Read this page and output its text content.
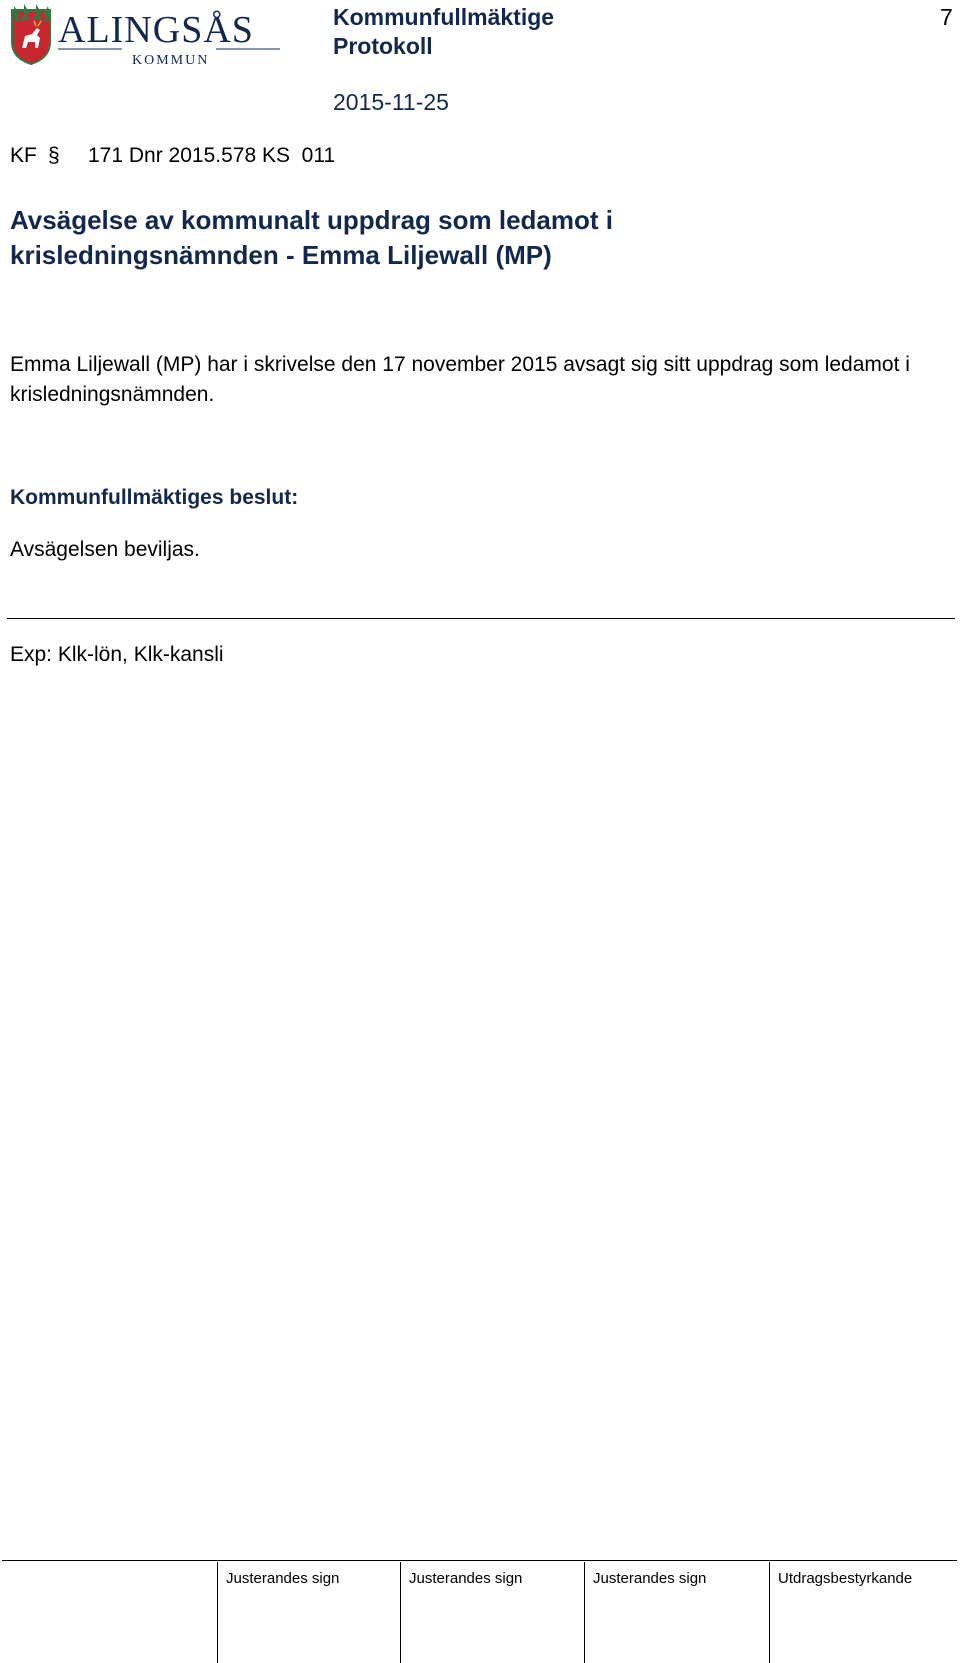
ALINGSÅS
KOMMUN
Kommunfullmäktige
Protokoll
2015-11-25
7
KF § 171 Dnr 2015.578 KS  011
Avsägelse av kommunalt uppdrag som ledamot i
krisledningsnämnden - Emma Liljewall (MP)
Emma Liljewall (MP) har i skrivelse den 17 november 2015 avsagt sig sitt uppdrag som ledamot i krisledningsnämnden.
Kommunfullmäktiges beslut:
Avsägelsen beviljas.
Exp: Klk-lön, Klk-kansli
Justerandes sign	Justerandes sign	Justerandes sign	Utdragsbestyrkande
